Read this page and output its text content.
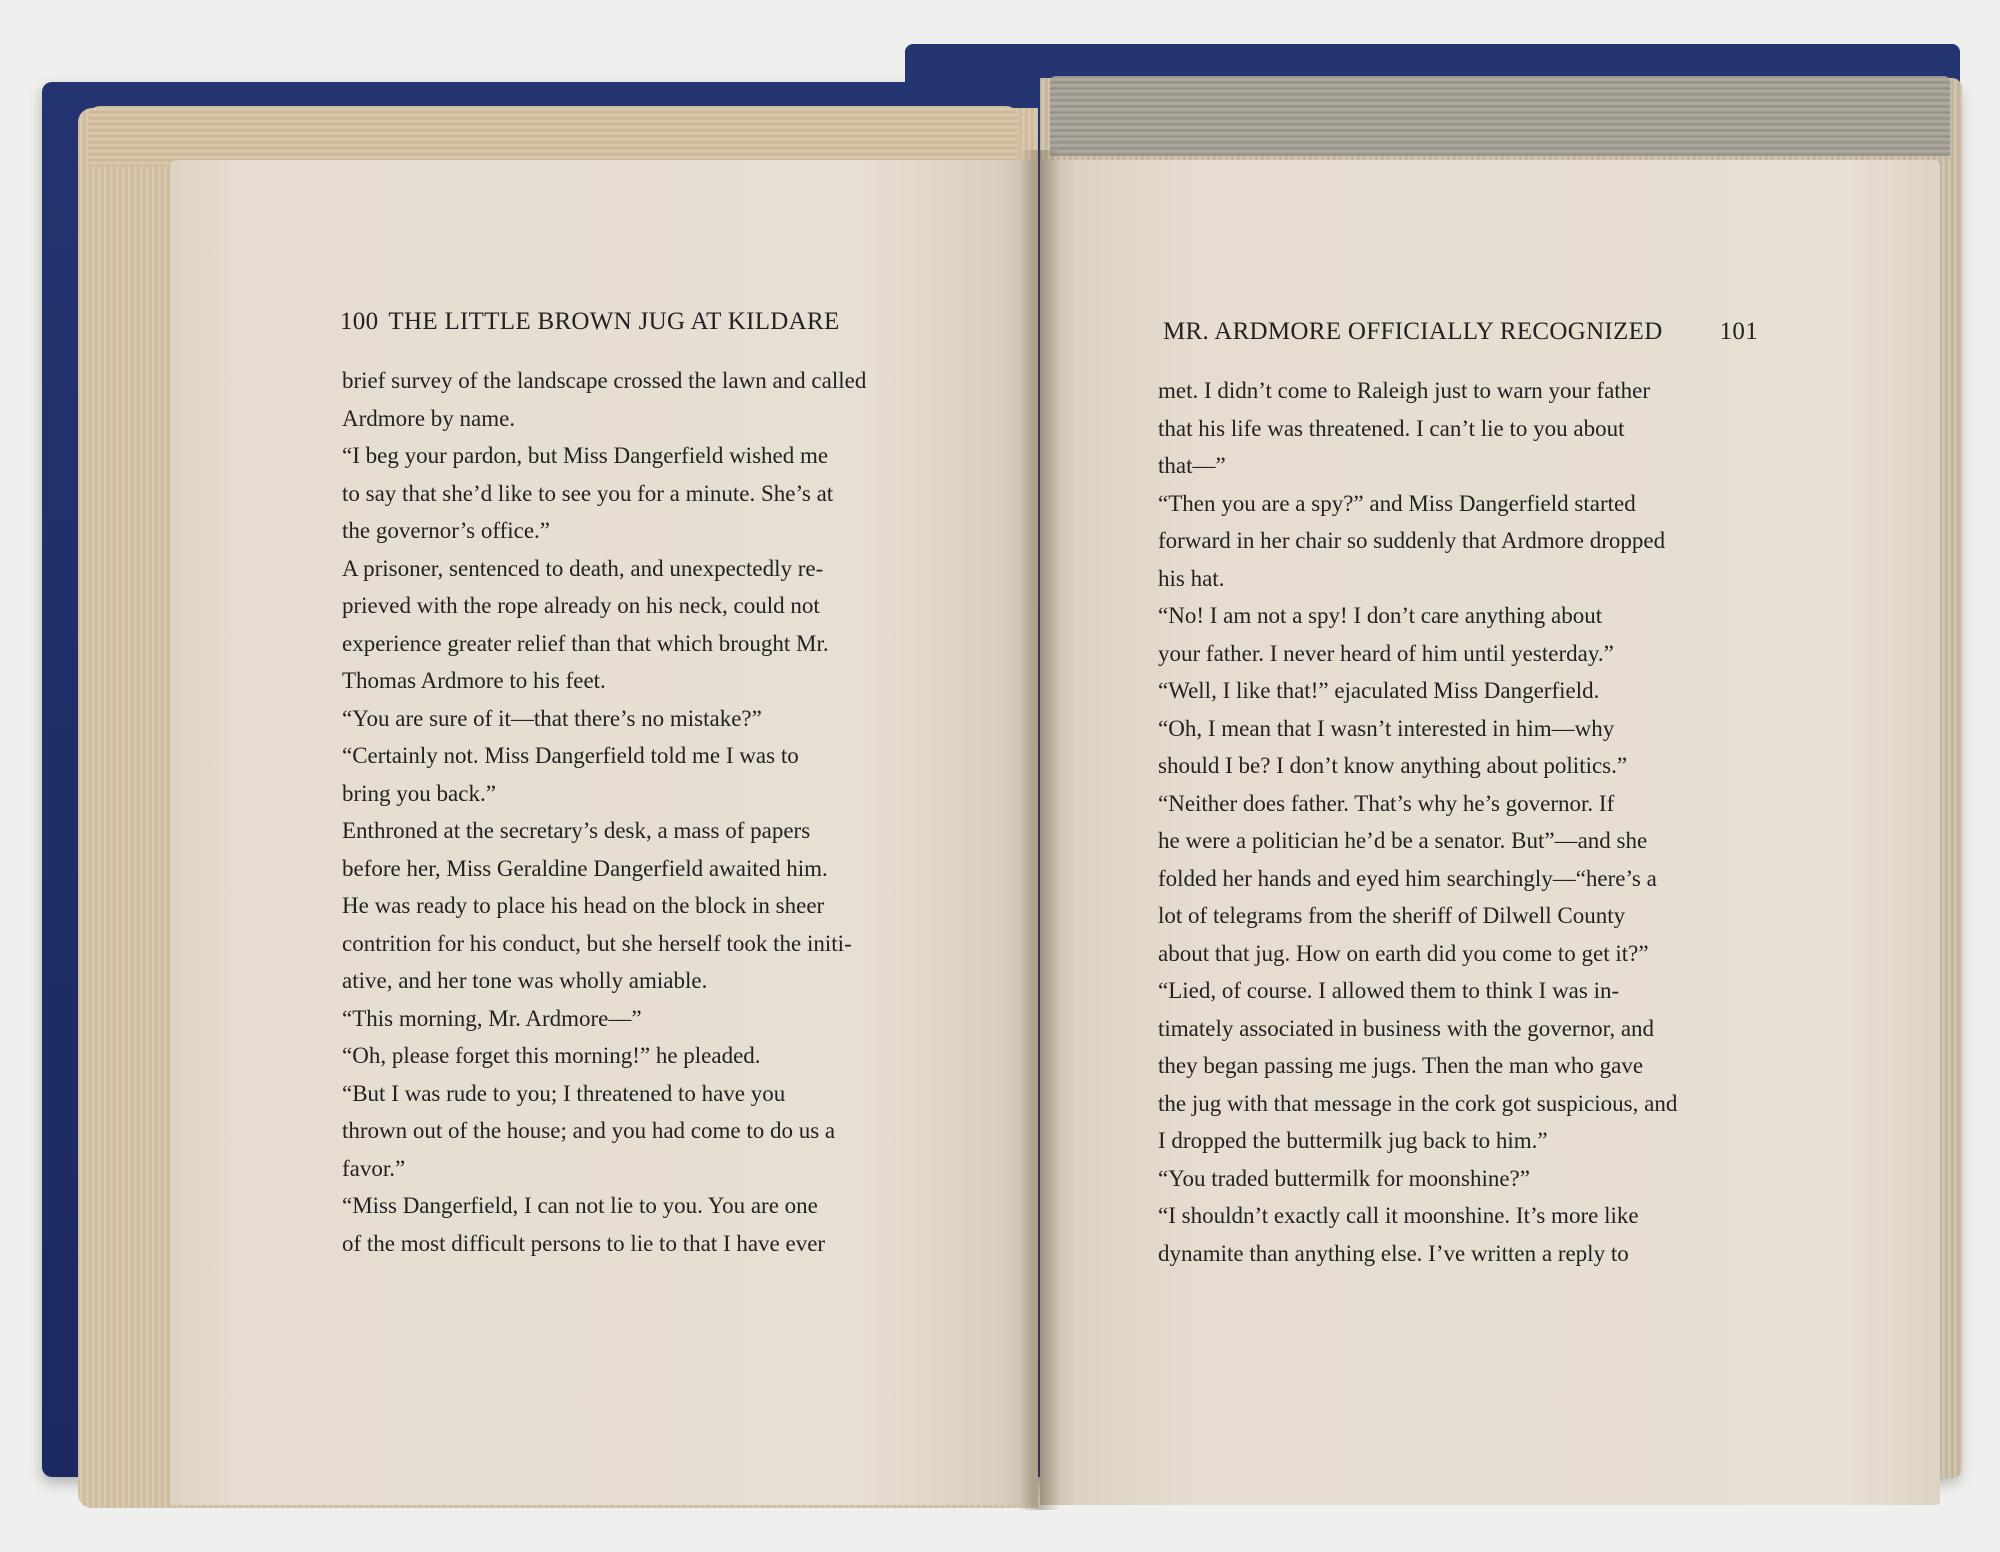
100 THE LITTLE BROWN JUG AT KILDARE	MR. ARDMORE OFFICIALLY RECOGNIZED 101
brief survey of the landscape crossed the lawn and called
Ardmore by name.
“I beg your pardon, but Miss Dangerfield wished me
to say that she’d like to see you for a minute. She’s at
the governor’s office.”
A prisoner, sentenced to death, and unexpectedly re-
prieved with the rope already on his neck, could not
experience greater relief than that which brought Mr.
Thomas Ardmore to his feet.
“You are sure of it—that there’s no mistake?”
“Certainly not. Miss Dangerfield told me I was to
bring you back.”
Enthroned at the secretary’s desk, a mass of papers
before her, Miss Geraldine Dangerfield awaited him.
He was ready to place his head on the block in sheer
contrition for his conduct, but she herself took the initi-
ative, and her tone was wholly amiable.
“This morning, Mr. Ardmore—”
“Oh, please forget this morning!” he pleaded.
“But I was rude to you; I threatened to have you
thrown out of the house; and you had come to do us a
favor.”
“Miss Dangerfield, I can not lie to you. You are one
of the most difficult persons to lie to that I have ever
met. I didn’t come to Raleigh just to warn your father
that his life was threatened. I can’t lie to you about
that—”
“Then you are a spy?” and Miss Dangerfield started
forward in her chair so suddenly that Ardmore dropped
his hat.
“No! I am not a spy! I don’t care anything about
your father. I never heard of him until yesterday.”
“Well, I like that!” ejaculated Miss Dangerfield.
“Oh, I mean that I wasn’t interested in him—why
should I be? I don’t know anything about politics.”
“Neither does father. That’s why he’s governor. If
he were a politician he’d be a senator. But”—and she
folded her hands and eyed him searchingly—“here’s a
lot of telegrams from the sheriff of Dilwell County
about that jug. How on earth did you come to get it?”
“Lied, of course. I allowed them to think I was in-
timately associated in business with the governor, and
they began passing me jugs. Then the man who gave
the jug with that message in the cork got suspicious, and
I dropped the buttermilk jug back to him.”
“You traded buttermilk for moonshine?”
“I shouldn’t exactly call it moonshine. It’s more like
dynamite than anything else. I’ve written a reply to
